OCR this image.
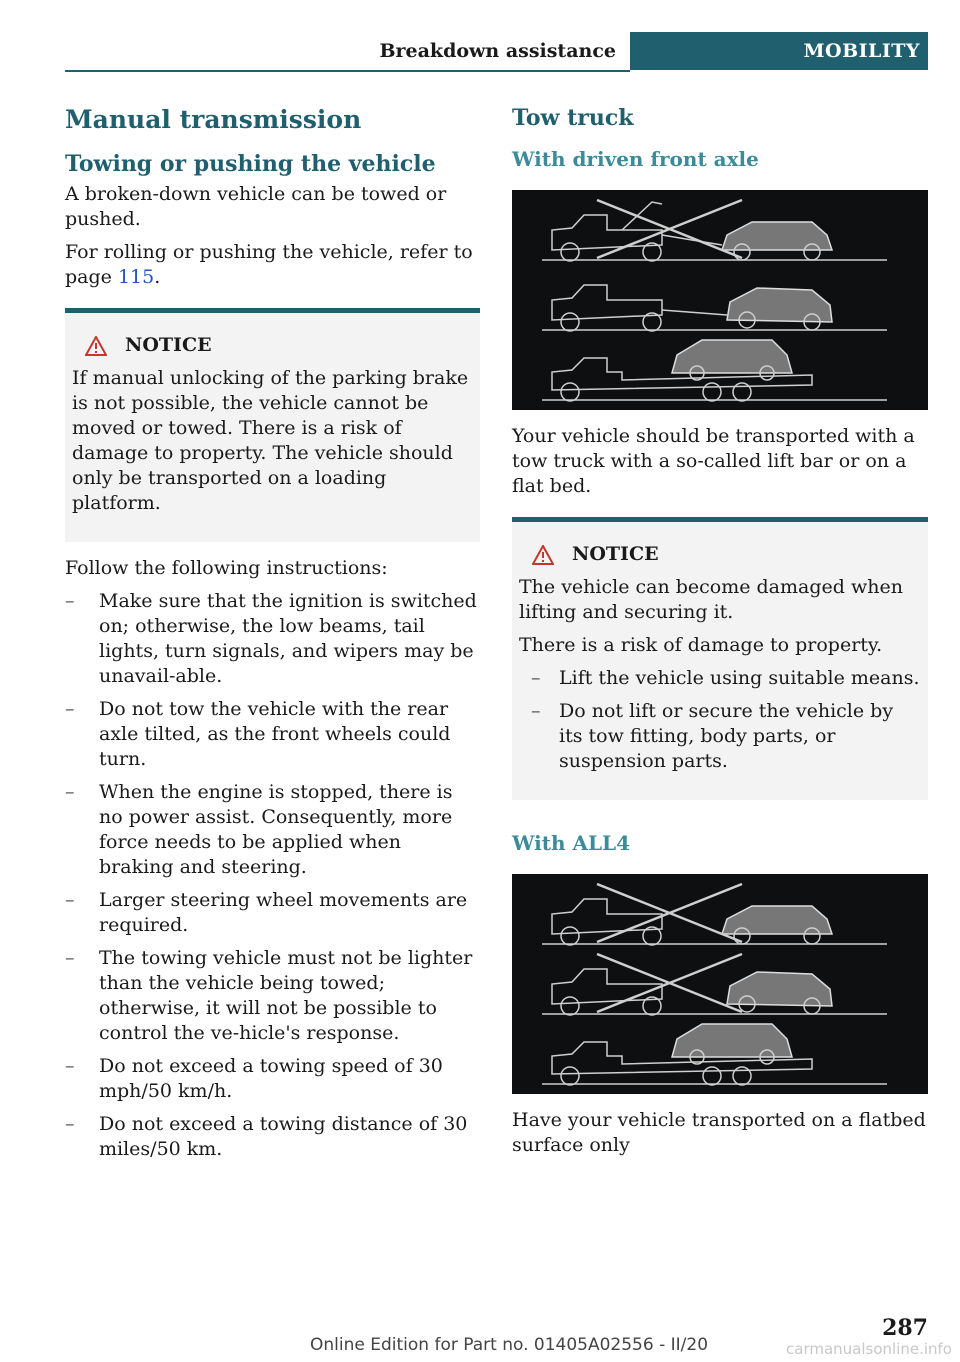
Breakdown assistance	MOBILITY
Manual transmission
Towing or pushing the vehicle

A broken-down vehicle can be towed or pushed.

For rolling or pushing the vehicle, refer to page 115.

NOTICE

If manual unlocking of the parking brake is not possible, the vehicle cannot be moved or towed. There is a risk of damage to property. The vehicle should only be transported on a loading platform.

Follow the following instructions:

– Make sure that the ignition is switched on; otherwise, the low beams, tail lights, turn signals, and wipers may be unavail‐able.
– Do not tow the vehicle with the rear axle tilted, as the front wheels could turn.
– When the engine is stopped, there is no power assist. Consequently, more force needs to be applied when braking and steering.
– Larger steering wheel movements are required.
– The towing vehicle must not be lighter than the vehicle being towed; otherwise, it will not be possible to control the ve‐hicle's response.
– Do not exceed a towing speed of 30 mph/50 km/h.
– Do not exceed a towing distance of 30 miles/50 km.
Tow truck
With driven front axle

Your vehicle should be transported with a tow truck with a so-called lift bar or on a flat bed.

NOTICE

The vehicle can become damaged when lifting and securing it.

There is a risk of damage to property.

– Lift the vehicle using suitable means.
– Do not lift or secure the vehicle by its tow fitting, body parts, or suspension parts.
With ALL4

Have your vehicle transported on a flatbed surface only

287
Online Edition for Part no. 01405A02556 - II/20	carmanualsonline.info
